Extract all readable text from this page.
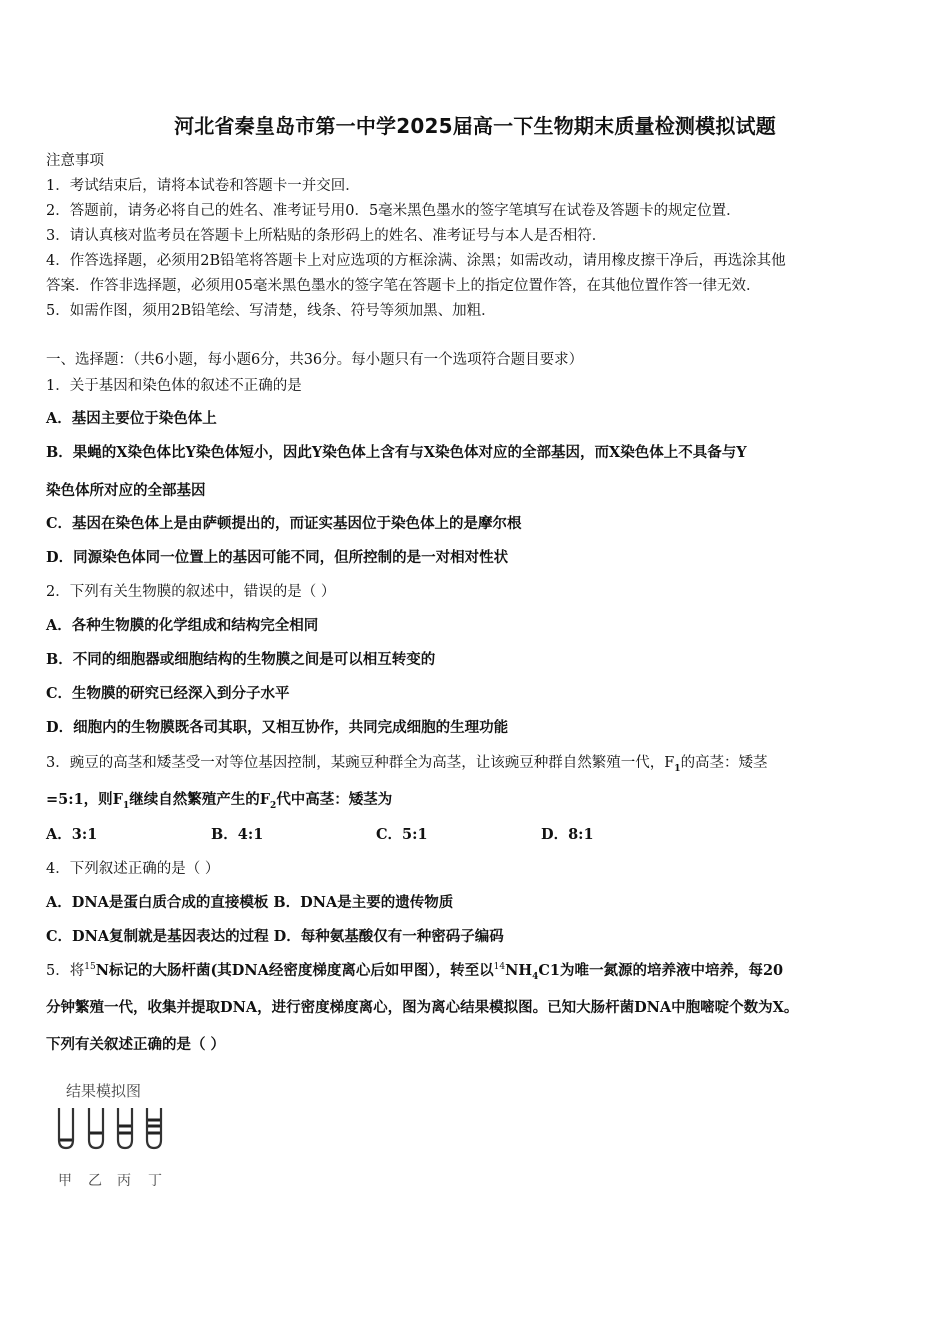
河北省秦皇岛市第一中学2025届高一下生物期末质量检测模拟试题
注意事项
1．考试结束后，请将本试卷和答题卡一并交回．
2．答题前，请务必将自己的姓名、准考证号用0．5毫米黑色墨水的签字笔填写在试卷及答题卡的规定位置．
3．请认真核对监考员在答题卡上所粘贴的条形码上的姓名、准考证号与本人是否相符．
4．作答选择题，必须用2B铅笔将答题卡上对应选项的方框涂满、涂黑；如需改动，请用橡皮擦干净后，再选涂其他
答案．作答非选择题，必须用05毫米黑色墨水的签字笔在答题卡上的指定位置作答，在其他位置作答一律无效．
5．如需作图，须用2B铅笔绘、写清楚，线条、符号等须加黑、加粗．
一、选择题：（共6小题，每小题6分，共36分。每小题只有一个选项符合题目要求）
1．关于基因和染色体的叙述不正确的是
A．基因主要位于染色体上
B．果蝇的X染色体比Y染色体短小，因此Y染色体上含有与X染色体对应的全部基因，而X染色体上不具备与Y
染色体所对应的全部基因
C．基因在染色体上是由萨顿提出的，而证实基因位于染色体上的是摩尔根
D．同源染色体同一位置上的基因可能不同，但所控制的是一对相对性状
2．下列有关生物膜的叙述中，错误的是（ ）
A．各种生物膜的化学组成和结构完全相同
B．不同的细胞器或细胞结构的生物膜之间是可以相互转变的
C．生物膜的研究已经深入到分子水平
D．细胞内的生物膜既各司其职，又相互协作，共同完成细胞的生理功能
3．豌豆的高茎和矮茎受一对等位基因控制，某豌豆种群全为高茎，让该豌豆种群自然繁殖一代，$F_1$的高茎：矮茎
=5:1，则$F_1$继续自然繁殖产生的$F_2$代中高茎：矮茎为
A．3:1	B．4:1	C．5:1	D．8:1
4．下列叙述正确的是（ ）
A．DNA是蛋白质合成的直接模板 B．DNA是主要的遗传物质
C．DNA复制就是基因表达的过程 D．每种氨基酸仅有一种密码子编码
5．将$^{15}$N标记的大肠杆菌(其DNA经密度梯度离心后如甲图），转至以$^{14}NH_4C1$为唯一氮源的培养液中培养，每20
分钟繁殖一代，收集并提取DNA，进行密度梯度离心，图为离心结果模拟图。已知大肠杆菌DNA中胞嘧啶个数为X。
下列有关叙述正确的是（ ）
结果模拟图
甲 乙 丙 丁
